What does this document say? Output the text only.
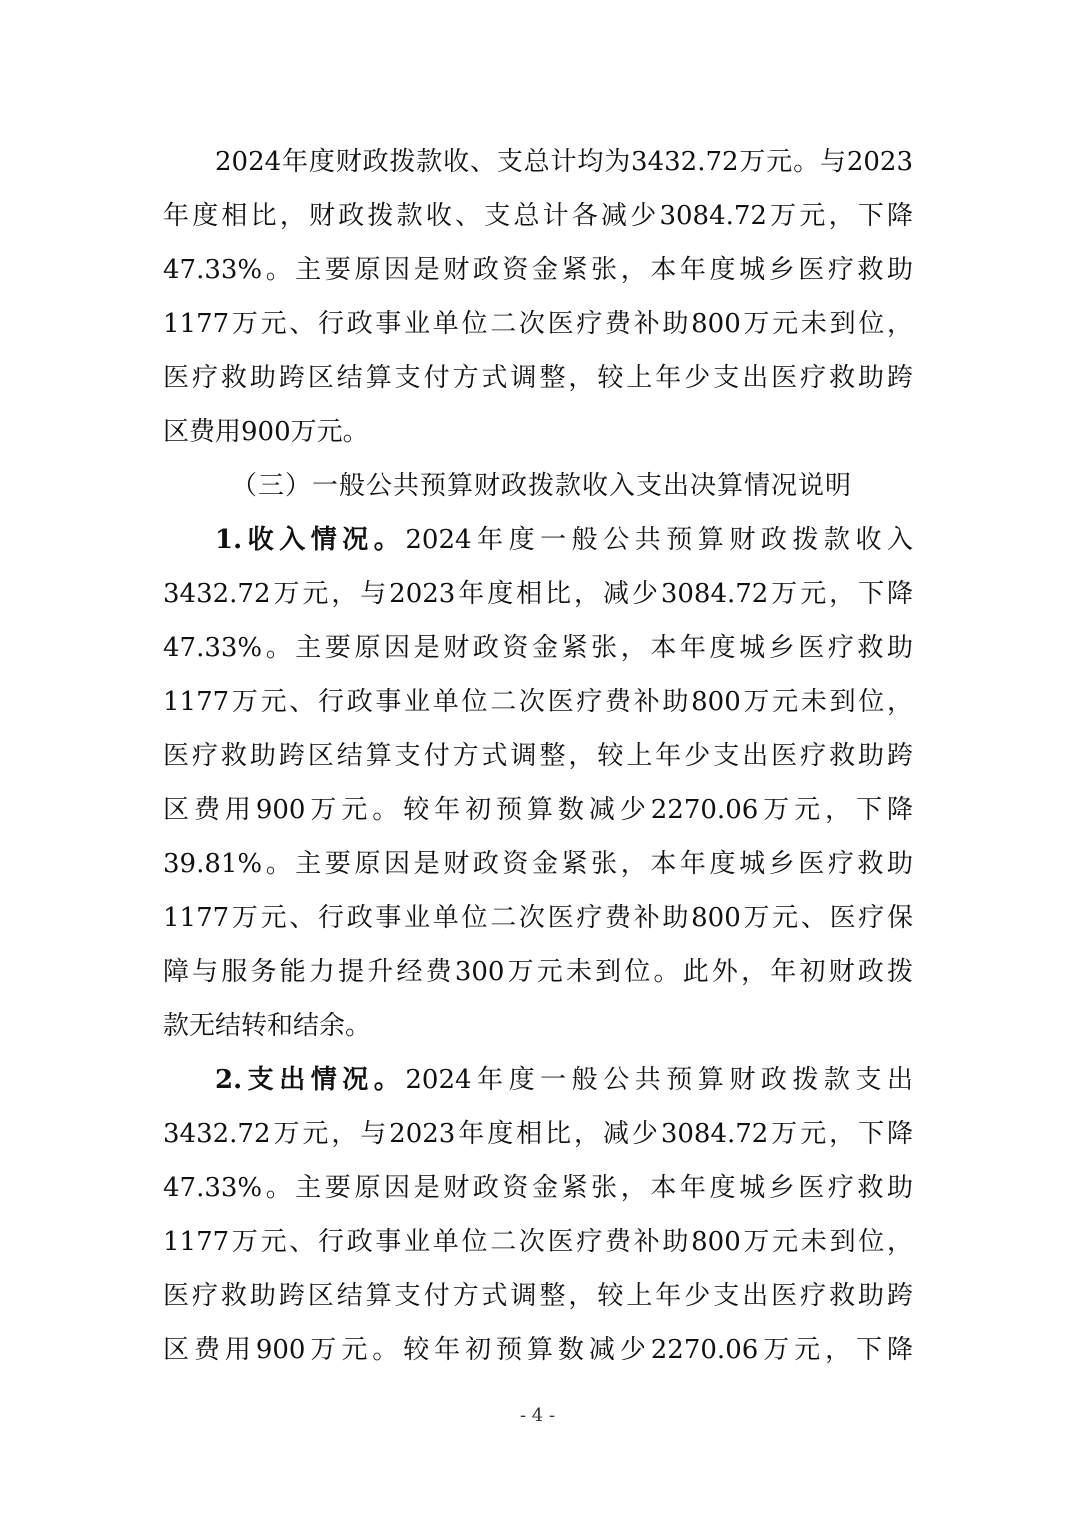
2024年度财政拨款收、支总计均为3432.72万元。与2023
年度相比，财政拨款收、支总计各减少3084.72万元，下降
47.33%。主要原因是财政资金紧张，本年度城乡医疗救助
1177万元、行政事业单位二次医疗费补助800万元未到位，
医疗救助跨区结算支付方式调整，较上年少支出医疗救助跨
区费用900万元。
（三）一般公共预算财政拨款收入支出决算情况说明
1.收入情况。2024年度一般公共预算财政拨款收入
3432.72万元，与2023年度相比，减少3084.72万元，下降
47.33%。主要原因是财政资金紧张，本年度城乡医疗救助
1177万元、行政事业单位二次医疗费补助800万元未到位，
医疗救助跨区结算支付方式调整，较上年少支出医疗救助跨
区费用900万元。较年初预算数减少2270.06万元，下降
39.81%。主要原因是财政资金紧张，本年度城乡医疗救助
1177万元、行政事业单位二次医疗费补助800万元、医疗保
障与服务能力提升经费300万元未到位。此外，年初财政拨
款无结转和结余。
2.支出情况。2024年度一般公共预算财政拨款支出
3432.72万元，与2023年度相比，减少3084.72万元，下降
47.33%。主要原因是财政资金紧张，本年度城乡医疗救助
1177万元、行政事业单位二次医疗费补助800万元未到位，
医疗救助跨区结算支付方式调整，较上年少支出医疗救助跨
区费用900万元。较年初预算数减少2270.06万元，下降
- 4 -
